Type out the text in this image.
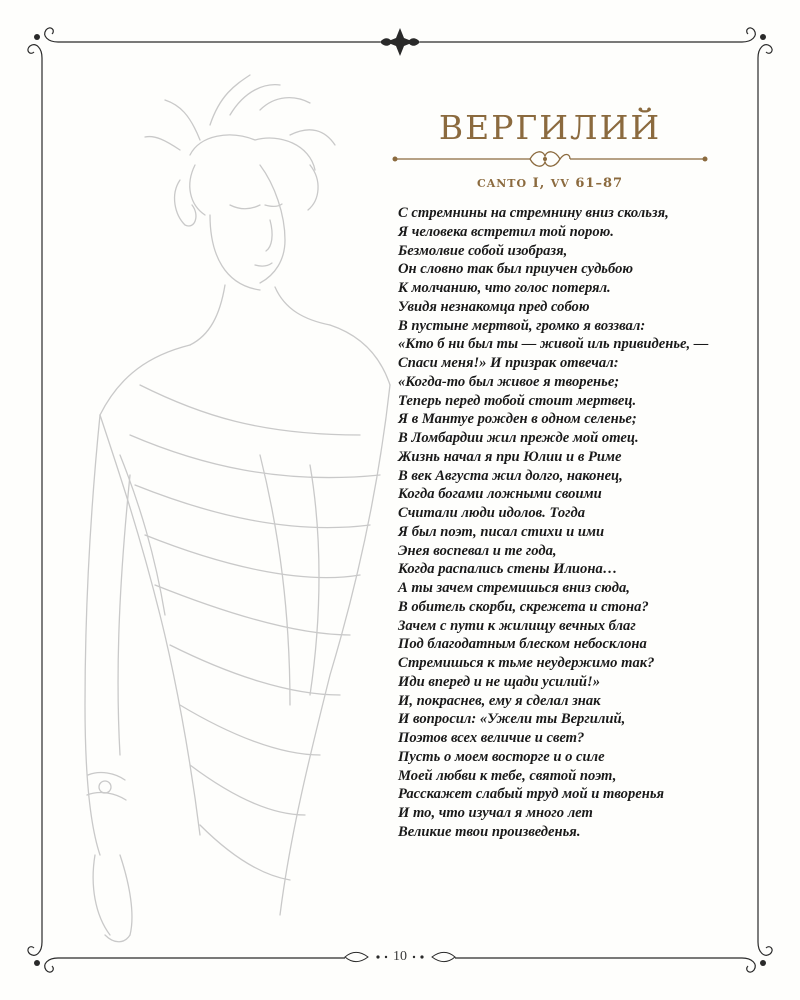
ВЕРГИЛИЙ
CANTO I, VV 61–87
С стремнины на стремнину вниз скользя,
Я человека встретил той порою.
Безмолвие собой изобразя,
Он словно так был приучен судьбою
К молчанию, что голос потерял.
Увидя незнакомца пред собою
В пустыне мертвой, громко я воззвал:
«Кто б ни был ты — живой иль привиденье, —
Спаси меня!» И призрак отвечал:
«Когда-то был живое я творенье;
Теперь перед тобой стоит мертвец.
Я в Мантуе рожден в одном селенье;
В Ломбардии жил прежде мой отец.
Жизнь начал я при Юлии и в Риме
В век Августа жил долго, наконец,
Когда богами ложными своими
Считали люди идолов. Тогда
Я был поэт, писал стихи и ими
Энея воспевал и те года,
Когда распались стены Илиона…
А ты зачем стремишься вниз сюда,
В обитель скорби, скрежета и стона?
Зачем с пути к жилищу вечных благ
Под благодатным блеском небосклона
Стремишься к тьме неудержимо так?
Иди вперед и не щади усилий!»
И, покраснев, ему я сделал знак
И вопросил: «Ужели ты Вергилий,
Поэтов всех величие и свет?
Пусть о моем восторге и о силе
Моей любви к тебе, святой поэт,
Расскажет слабый труд мой и творенья
И то, что изучал я много лет
Великие твои произведенья.
10
